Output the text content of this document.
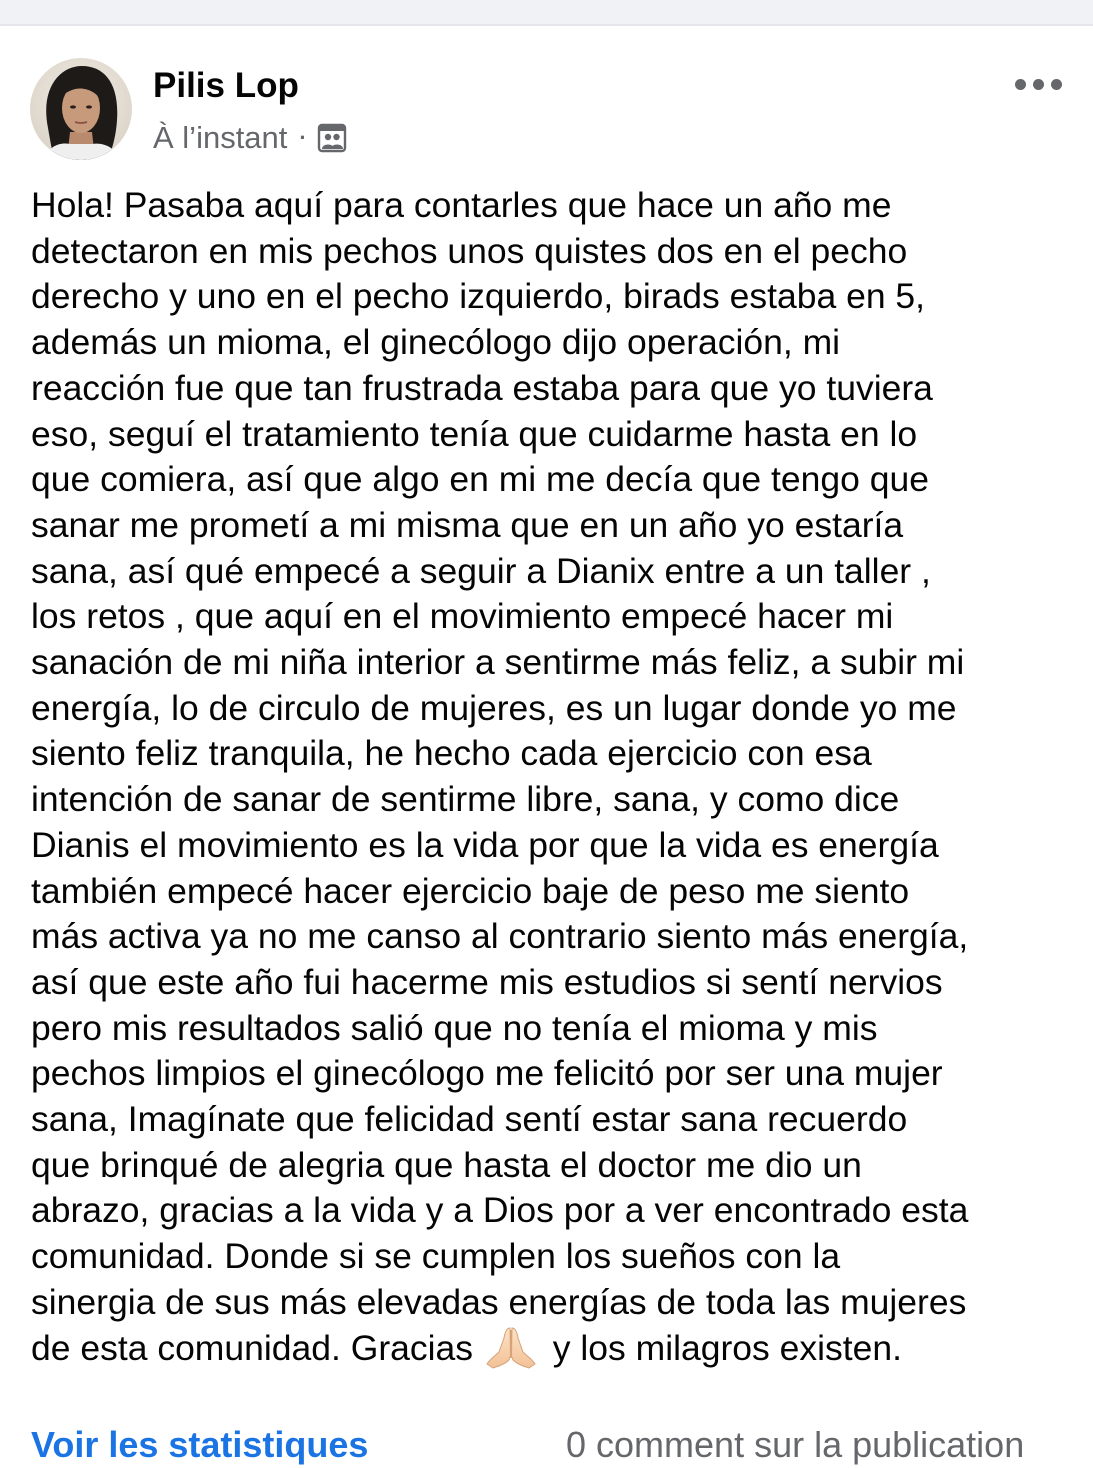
Pilis Lop
À l’instant ·
Hola! Pasaba aquí para contarles que hace un año me
detectaron en mis pechos unos quistes dos en el pecho
derecho y uno en el pecho izquierdo, birads estaba en 5,
además un mioma, el ginecólogo dijo operación, mi
reacción fue que tan frustrada estaba para que yo tuviera
eso, seguí el tratamiento tenía que cuidarme hasta en lo
que comiera, así que algo en mi me decía que tengo que
sanar me prometí a mi misma que en un año yo estaría
sana, así qué empecé a seguir a Dianix entre a un taller ,
los retos , que aquí en el movimiento empecé hacer mi
sanación de mi niña interior a sentirme más feliz, a subir mi
energía, lo de circulo de mujeres, es un lugar donde yo me
siento feliz tranquila, he hecho cada ejercicio con esa
intención de sanar de sentirme libre, sana, y como dice
Dianis el movimiento es la vida por que la vida es energía
también empecé hacer ejercicio baje de peso me siento
más activa ya no me canso al contrario siento más energía,
así que este año fui hacerme mis estudios si sentí nervios
pero mis resultados salió que no tenía el mioma y mis
pechos limpios el ginecólogo me felicitó por ser una mujer
sana, Imagínate que felicidad sentí estar sana recuerdo
que brinqué de alegria que hasta el doctor me dio un
abrazo, gracias a la vida y a Dios por a ver encontrado esta
comunidad. Donde si se cumplen los sueños con la
sinergia de sus más elevadas energías de toda las mujeres
de esta comunidad. Gracias  y los milagros existen.
Voir les statistiques	0 comment sur la publication
